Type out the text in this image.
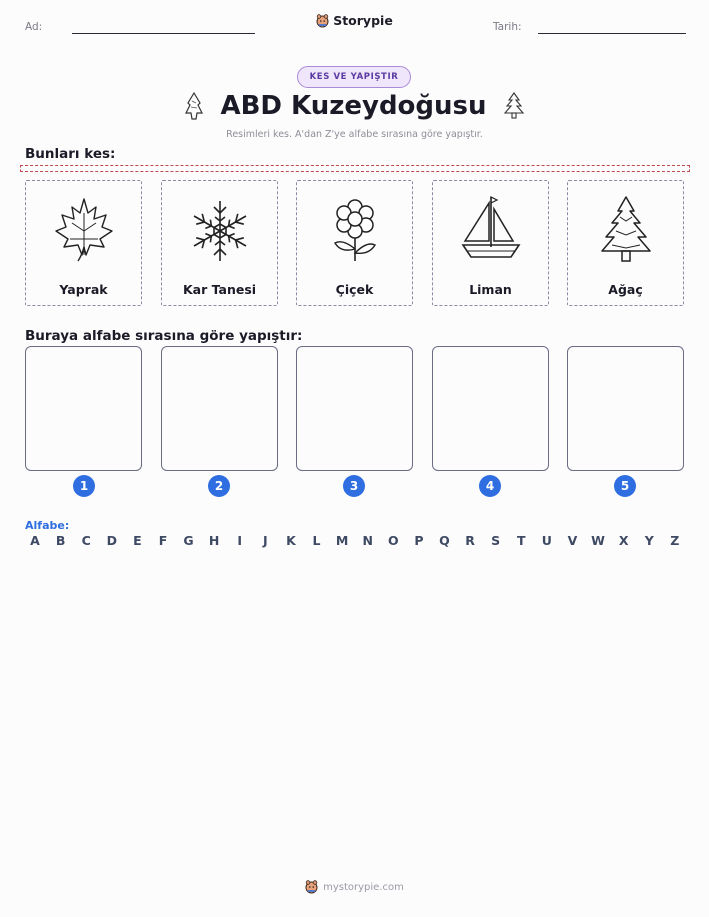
Ad:	Storypie	Tarih:
KES VE YAPIŞTIR
ABD Kuzeydoğusu
Resimleri kes. A'dan Z'ye alfabe sırasına göre yapıştır.
Bunları kes:
Yaprak	Kar Tanesi	Çiçek	Liman	Ağaç
Buraya alfabe sırasına göre yapıştır:
1	2	3	4	5
Alfabe:
A	B	C	D	E	F	G	H	I	J	K	L	M	N	O	P	Q	R	S	T	U	V	W	X	Y	Z
mystorypie.com
